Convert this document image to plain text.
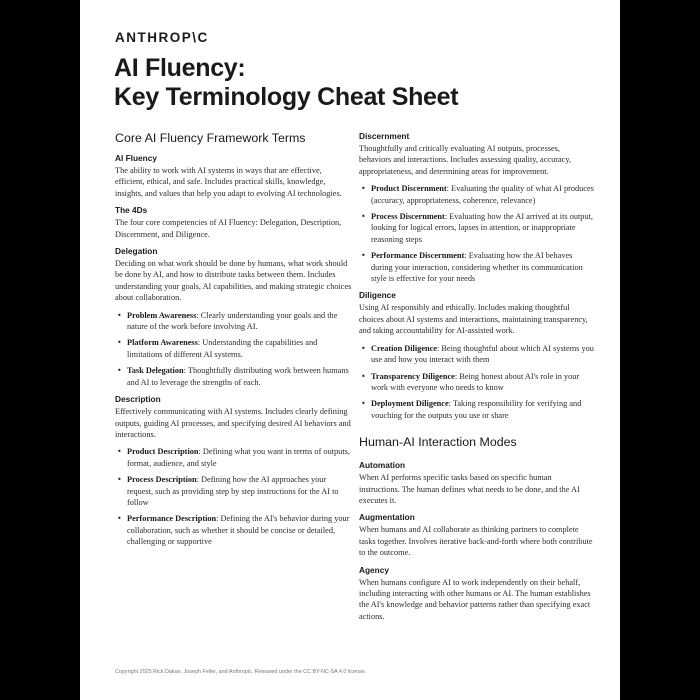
ANTHROP\C
AI Fluency:
Key Terminology Cheat Sheet
Core AI Fluency Framework Terms
AI Fluency

The ability to work with AI systems in ways that are effective, efficient, ethical, and safe. Includes practical skills, knowledge, insights, and values that help you adapt to evolving AI technologies.

The 4Ds

The four core competencies of AI Fluency: Delegation, Description, Discernment, and Diligence.

Delegation

Deciding on what work should be done by humans, what work should be done by AI, and how to distribute tasks between them. Includes understanding your goals, AI capabilities, and making strategic choices about collaboration.

• Problem Awareness: Clearly understanding your goals and the nature of the work before involving AI.
• Platform Awareness: Understanding the capabilities and limitations of different AI systems.
• Task Delegation: Thoughtfully distributing work between humans and AI to leverage the strengths of each.
Description

Effectively communicating with AI systems. Includes clearly defining outputs, guiding AI processes, and specifying desired AI behaviors and interactions.

• Product Description: Defining what you want in terms of outputs, format, audience, and style
• Process Description: Defining how the AI approaches your request, such as providing step by step instructions for the AI to follow
• Performance Description: Defining the AI's behavior during your collaboration, such as whether it should be concise or detailed, challenging or supportive
Discernment

Thoughtfully and critically evaluating AI outputs, processes, behaviors and interactions. Includes assessing quality, accuracy, appropriateness, and determining areas for improvement.

• Product Discernment: Evaluating the quality of what AI produces (accuracy, appropriateness, coherence, relevance)
• Process Discernment: Evaluating how the AI arrived at its output, looking for logical errors, lapses in attention, or inappropriate reasoning steps
• Performance Discernment: Evaluating how the AI behaves during your interaction, considering whether its communication style is effective for your needs
Diligence

Using AI responsibly and ethically. Includes making thoughtful choices about AI systems and interactions, maintaining transparency, and taking accountability for AI-assisted work.

• Creation Diligence: Being thoughtful about which AI systems you use and how you interact with them
• Transparency Diligence: Being honest about AI's role in your work with everyone who needs to know
• Deployment Diligence: Taking responsibility for verifying and vouching for the outputs you use or share
Human-AI Interaction Modes
Automation

When AI performs specific tasks based on specific human instructions. The human defines what needs to be done, and the AI executes it.

Augmentation

When humans and AI collaborate as thinking partners to complete tasks together. Involves iterative back-and-forth where both contribute to the outcome.

Agency

When humans configure AI to work independently on their behalf, including interacting with other humans or AI. The human establishes the AI's knowledge and behavior patterns rather than specifying exact actions.

Copyright 2025 Rick Dakan, Joseph Feller, and Anthropic. Released under the CC BY-NC-SA 4.0 license.
